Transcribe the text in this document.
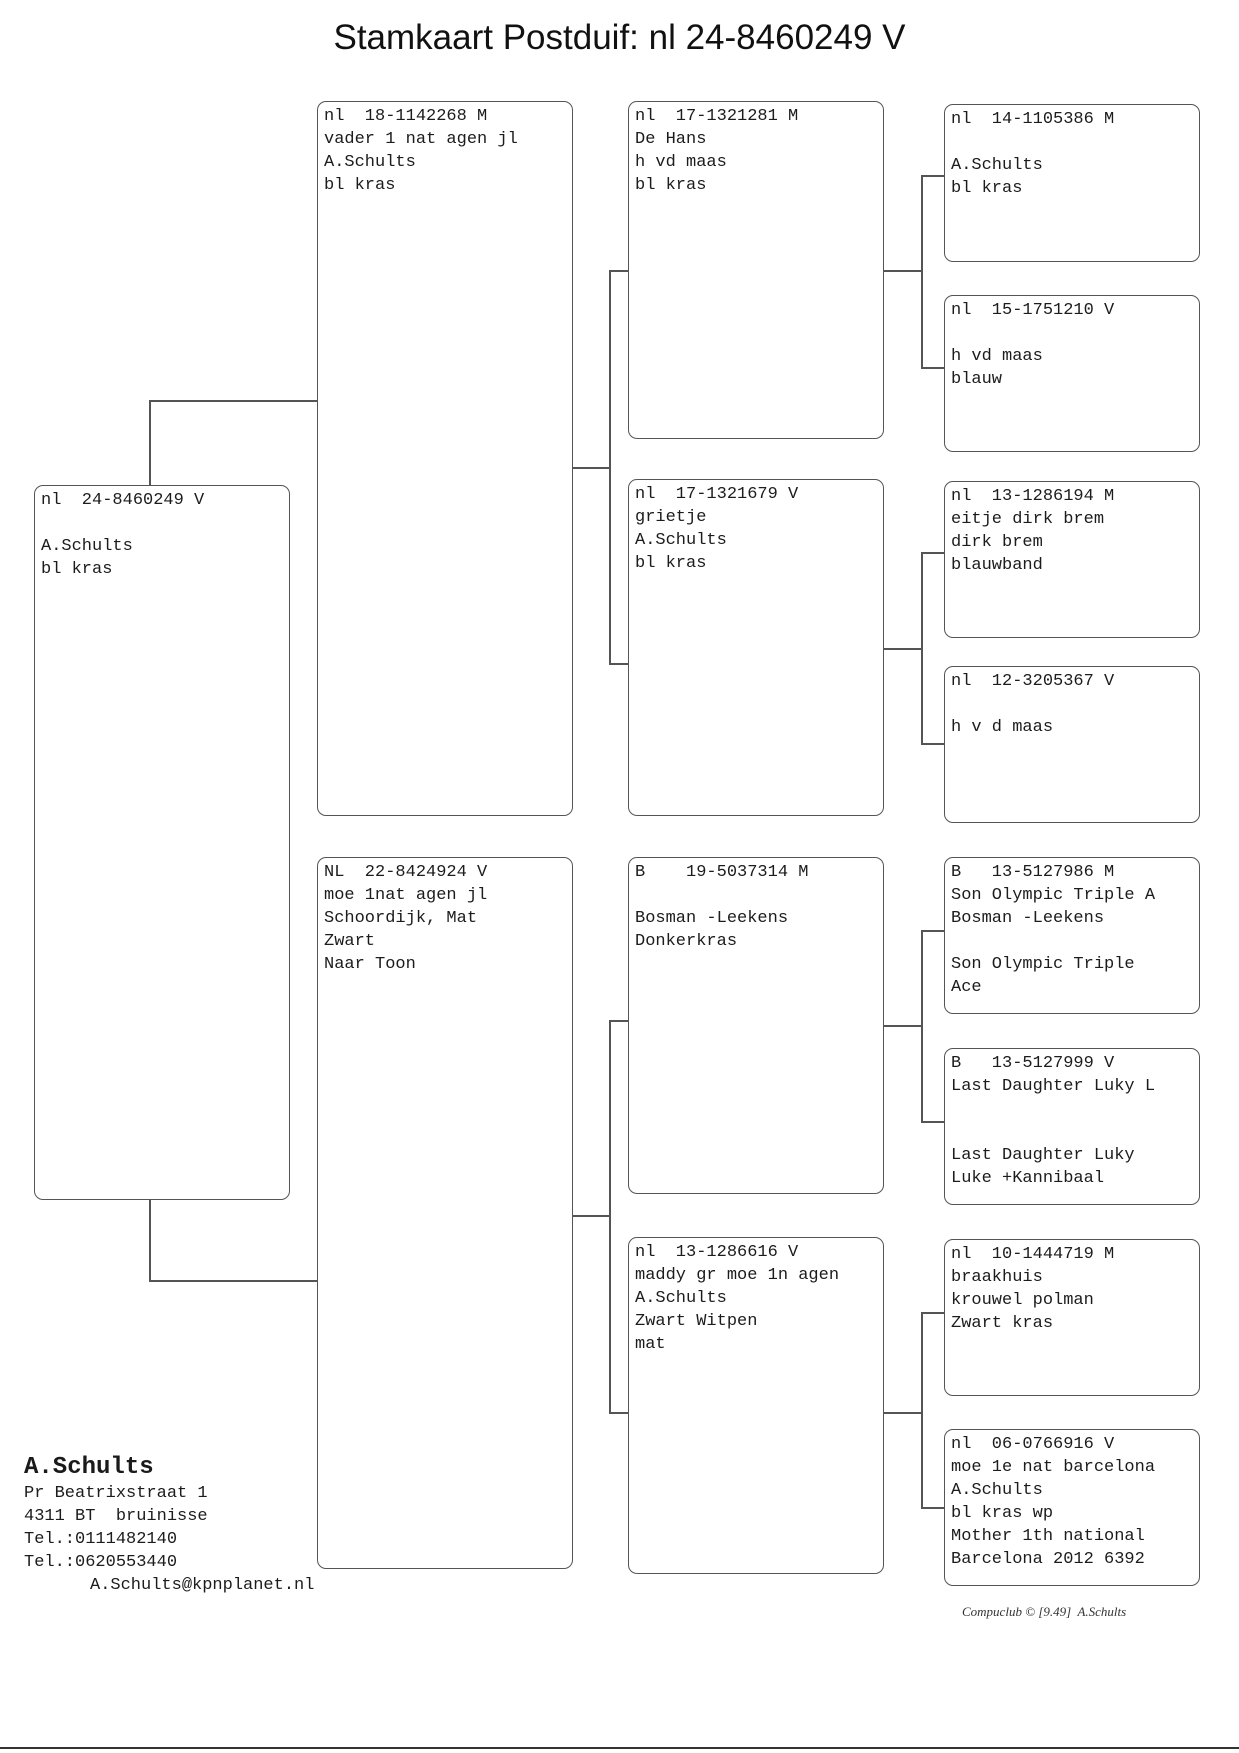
Stamkaart Postduif: nl 24-8460249 V
nl  24-8460249 V
A.Schults
bl kras
nl  18-1142268 M
vader 1 nat agen jl
A.Schults
bl kras
NL  22-8424924 V
moe 1nat agen jl
Schoordijk, Mat
Zwart
Naar Toon
nl  17-1321281 M
De Hans
h vd maas
bl kras
nl  17-1321679 V
grietje
A.Schults
bl kras
B    19-5037314 M
Bosman -Leekens
Donkerkras
nl  13-1286616 V
maddy gr moe 1n agen
A.Schults
Zwart Witpen
mat
nl  14-1105386 M
A.Schults
bl kras
nl  15-1751210 V
h vd maas
blauw
nl  13-1286194 M
eitje dirk brem
dirk brem
blauwband
nl  12-3205367 V
h v d maas
B   13-5127986 M
Son Olympic Triple A
Bosman -Leekens
Son Olympic Triple
Ace
B   13-5127999 V
Last Daughter Luky L
Last Daughter Luky
Luke +Kannibaal
nl  10-1444719 M
braakhuis
krouwel polman
Zwart kras
nl  06-0766916 V
moe 1e nat barcelona
A.Schults
bl kras wp
Mother 1th national
Barcelona 2012 6392
A.Schults
Pr Beatrixstraat 1
4311 BT  bruinisse
Tel.:0111482140
Tel.:0620553440
A.Schults@kpnplanet.nl
Compuclub © [9.49]  A.Schults
